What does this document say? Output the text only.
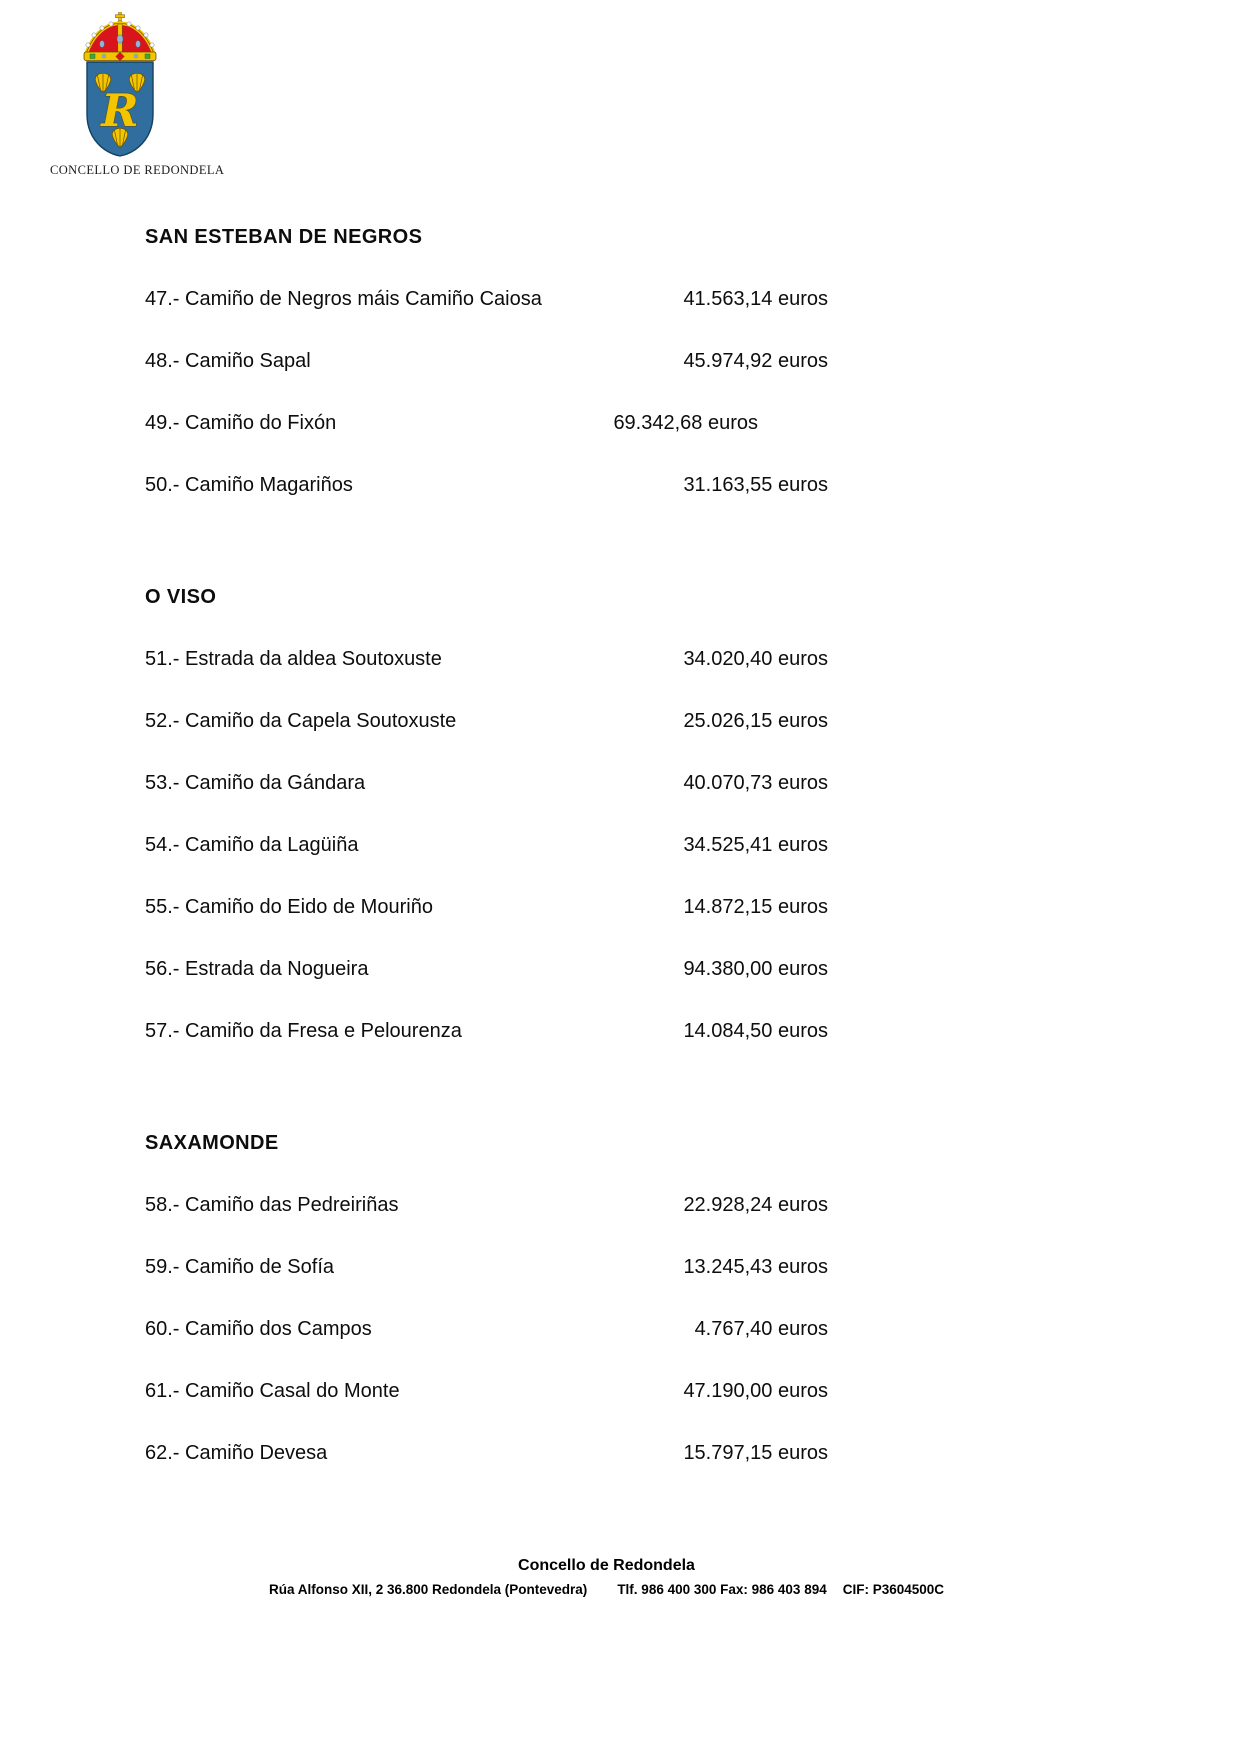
R
CONCELLO DE REDONDELA
SAN ESTEBAN DE NEGROS
47.- Camiño de Negros máis Camiño Caiosa	41.563,14 euros
48.- Camiño Sapal	45.974,92 euros
49.- Camiño do Fixón	69.342,68 euros
50.- Camiño Magariños	31.163,55 euros
O VISO
51.- Estrada da aldea Soutoxuste	34.020,40 euros
52.- Camiño da Capela Soutoxuste	25.026,15 euros
53.- Camiño da Gándara	40.070,73 euros
54.- Camiño da Lagüiña	34.525,41 euros
55.- Camiño do Eido de Mouriño	14.872,15 euros
56.- Estrada da Nogueira	94.380,00 euros
57.- Camiño da Fresa e Pelourenza	14.084,50 euros
SAXAMONDE
58.- Camiño das Pedreiriñas	22.928,24 euros
59.- Camiño de Sofía	13.245,43 euros
60.- Camiño dos Campos	4.767,40 euros
61.- Camiño Casal do Monte	47.190,00 euros
62.- Camiño Devesa	15.797,15 euros
Concello de Redondela
Rúa Alfonso XII, 2 36.800 Redondela (Pontevedra) Tlf. 986 400 300 Fax: 986 403 894 CIF: P3604500C
